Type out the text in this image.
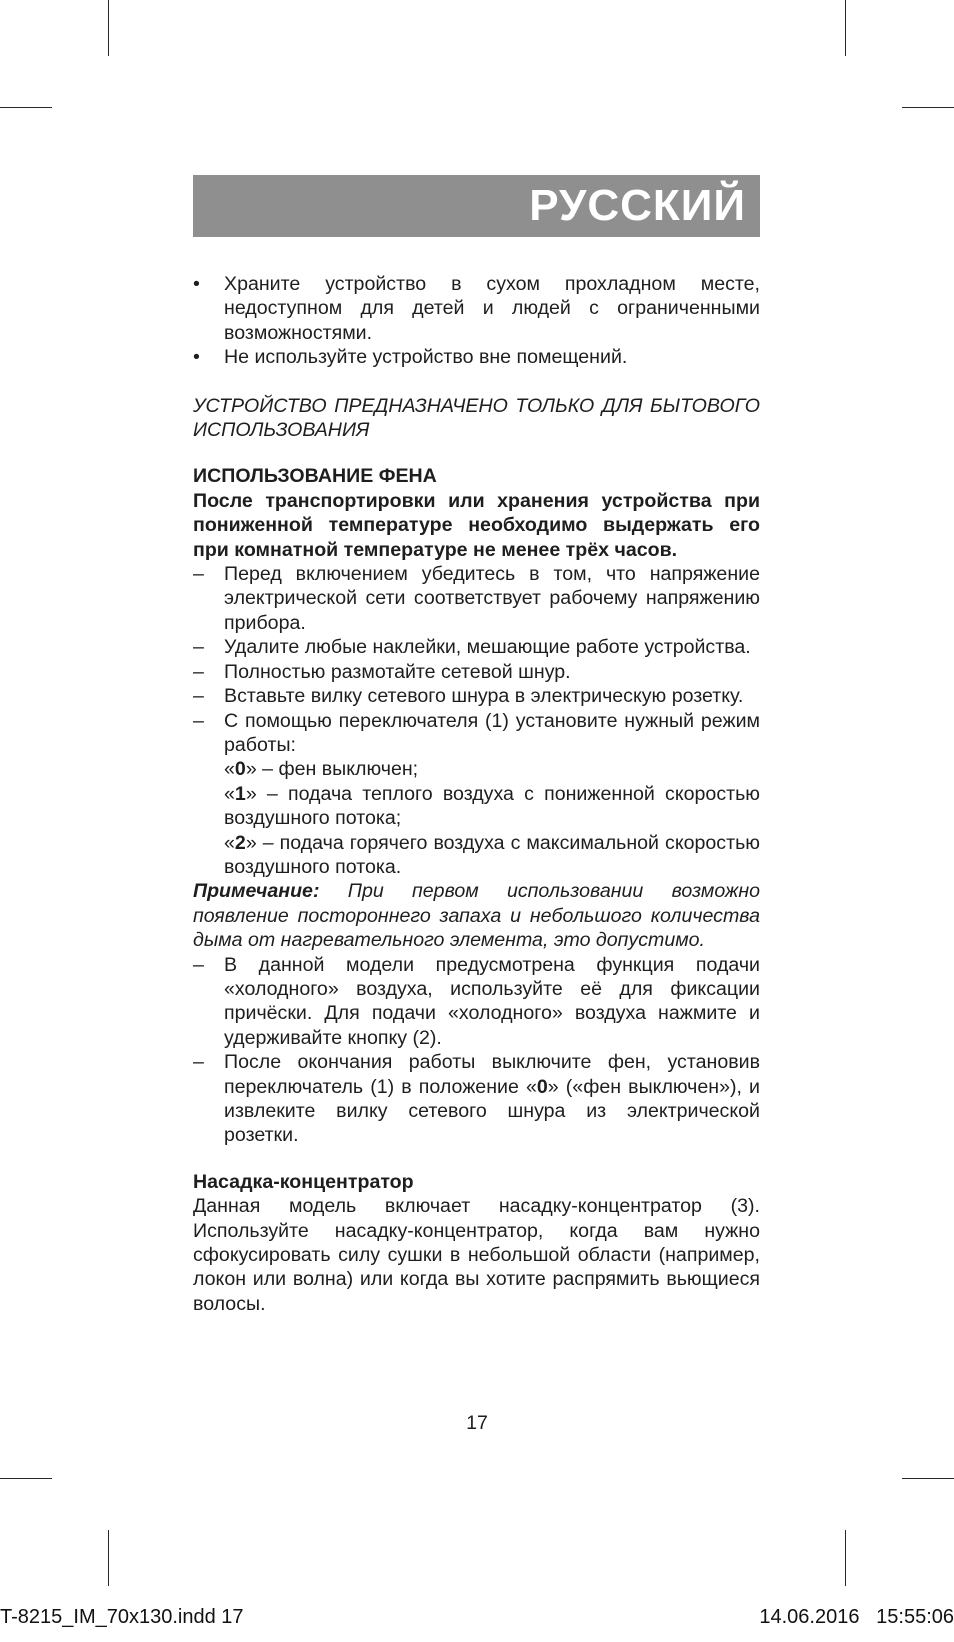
РУССКИЙ
• Храните устройство в сухом прохладном месте, недоступном для детей и людей с ограниченными возможностями.
• Не используйте устройство вне помещений.

УСТРОЙСТВО ПРЕДНАЗНАЧЕНО ТОЛЬКО ДЛЯ БЫТОВОГО ИСПОЛЬЗОВАНИЯ

ИСПОЛЬЗОВАНИЕ ФЕНА

После транспортировки или хранения устройства при пониженной температуре необходимо выдержать его при комнатной температуре не менее трёх часов.

– Перед включением убедитесь в том, что напряжение электрической сети соответствует рабочему напряжению прибора.
– Удалите любые наклейки, мешающие работе устройства.
– Полностью размотайте сетевой шнур.
– Вставьте вилку сетевого шнура в электрическую розетку.
– С помощью переключателя (1) установите нужный режим работы:

«0» – фен выключен;

«1» – подача теплого воздуха с пониженной скоростью воздушного потока;

«2» – подача горячего воздуха с максимальной скоростью воздушного потока.

Примечание: При первом использовании возможно появление постороннего запаха и небольшого количества дыма от нагревательного элемента, это допустимо.

– В данной модели предусмотрена функция подачи «холодного» воздуха, используйте её для фиксации причёски. Для подачи «холодного» воздуха нажмите и удерживайте кнопку (2).
– После окончания работы выключите фен, установив переключатель (1) в положение «0» («фен выключен»), и извлеките вилку сетевого шнура из электрической розетки.

Насадка-концентратор

Данная модель включает насадку-концентратор (3). Используйте насадку-концентратор, когда вам нужно сфокусировать силу сушки в небольшой области (например, локон или волна) или когда вы хотите распрямить вьющиеся волосы.

17
T-8215_IM_70x130.indd 17	14.06.2016 15:55:06
